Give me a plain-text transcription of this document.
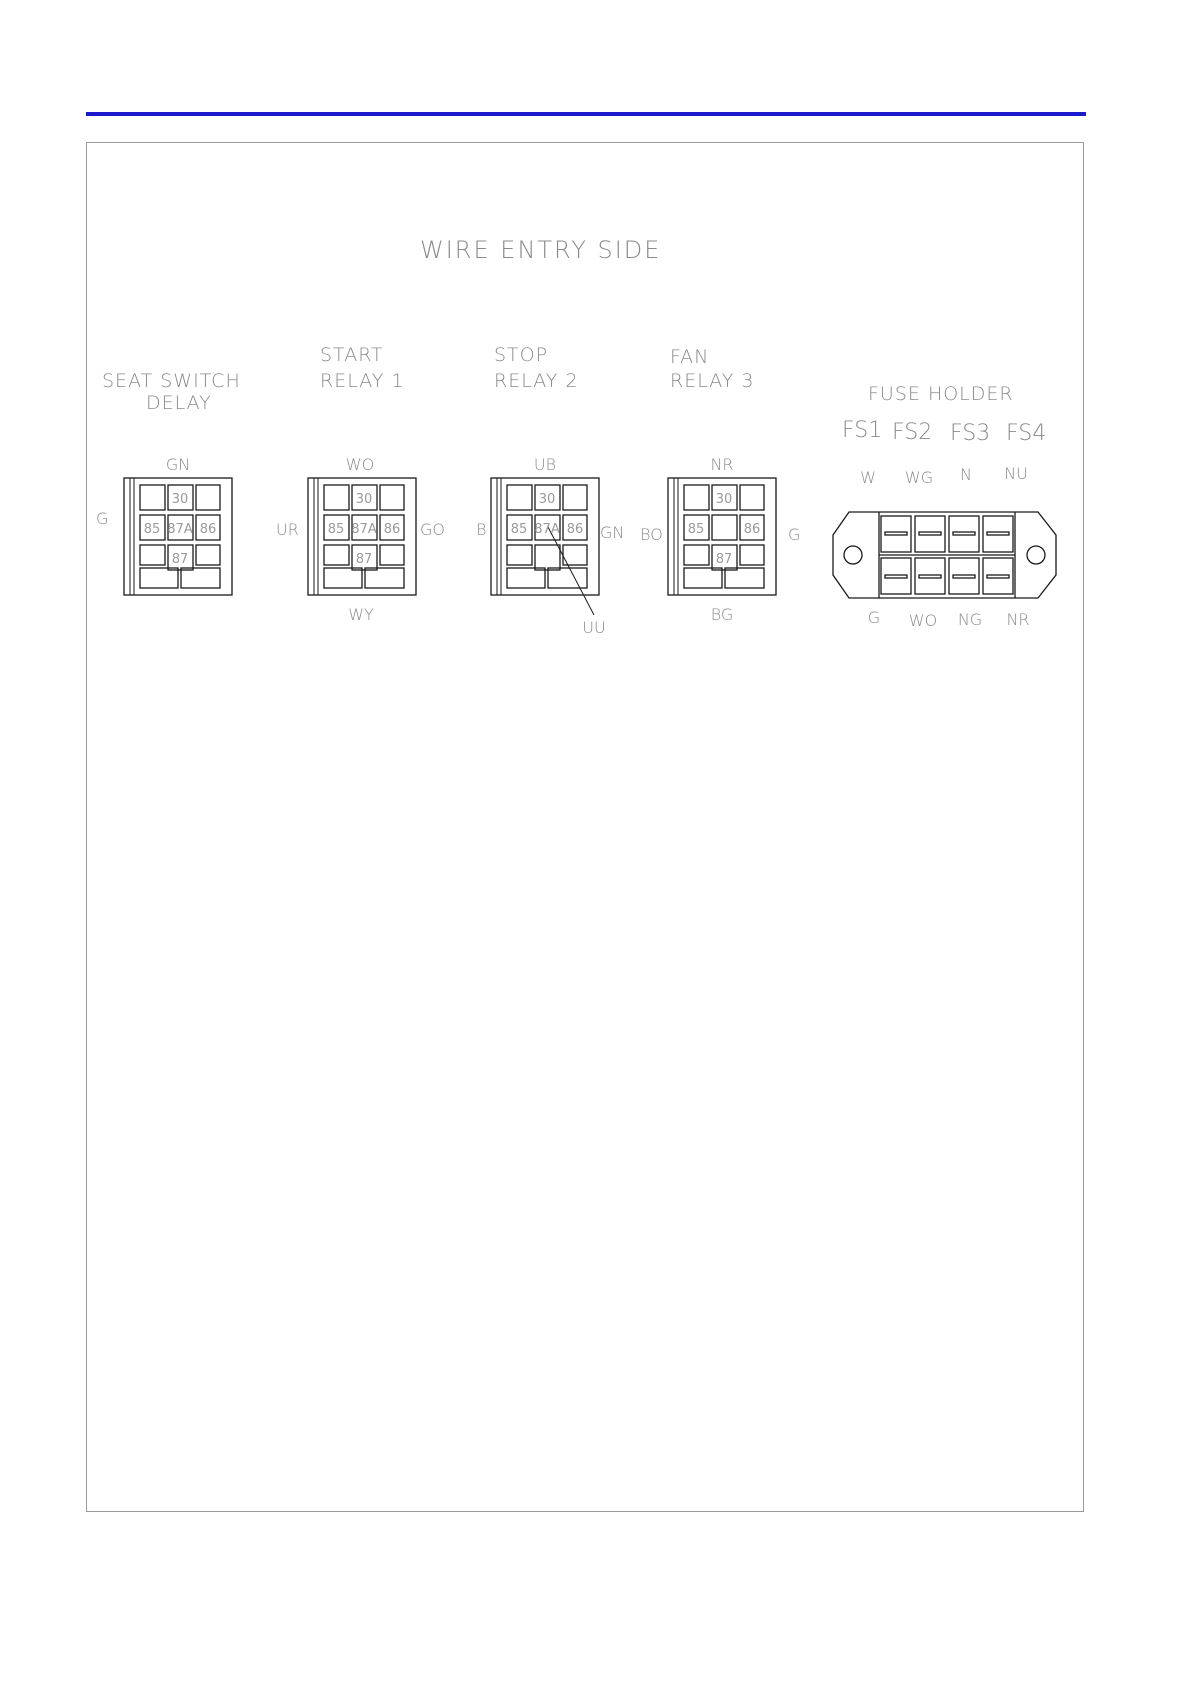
WIRE ENTRY SIDE
SEAT SWITCH
DELAY
30
85 87A 86
87
GN
G
START
RELAY 1
30
85 87A 86
87
WO
UR	GO
WY
STOP
RELAY 2
30
85 87A 86
UB
B	GN
UU
FAN
RELAY 3
30
85	86
87
NR
BO	G
BG
FUSE HOLDER
FS1 FS2 FS3 FS4
W WG N NU
G WO NG NR
